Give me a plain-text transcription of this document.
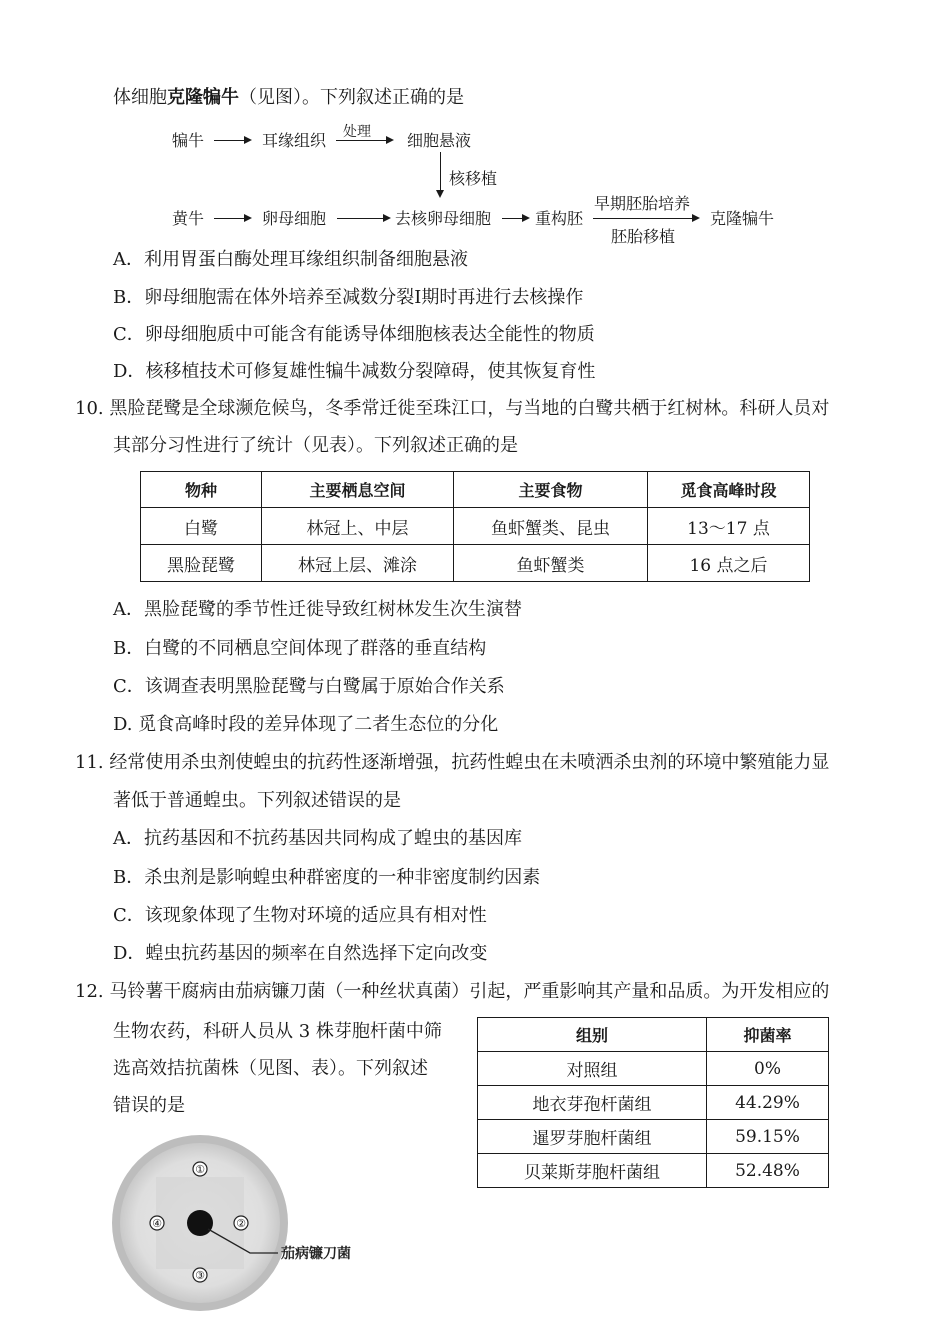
体细胞克隆犏牛（见图）。下列叙述正确的是
犏牛	耳缘组织 处理 细胞悬液
核移植
黄牛	卵母细胞	去核卵母细胞	重构胚
早期胚胎培养
胚胎移植
克隆犏牛
A．利用胃蛋白酶处理耳缘组织制备细胞悬液
B．卵母细胞需在体外培养至减数分裂Ⅰ期时再进行去核操作
C．卵母细胞质中可能含有能诱导体细胞核表达全能性的物质
D．核移植技术可修复雄性犏牛减数分裂障碍，使其恢复育性
10. 黑脸琵鹭是全球濒危候鸟，冬季常迁徙至珠江口，与当地的白鹭共栖于红树林。科研人员对
其部分习性进行了统计（见表）。下列叙述正确的是
物种	主要栖息空间	主要食物	觅食高峰时段
白鹭	林冠上、中层	鱼虾蟹类、昆虫	13～17 点
黑脸琵鹭	林冠上层、滩涂	鱼虾蟹类	16 点之后
A．黑脸琵鹭的季节性迁徙导致红树林发生次生演替
B．白鹭的不同栖息空间体现了群落的垂直结构
C．该调查表明黑脸琵鹭与白鹭属于原始合作关系
D. 觅食高峰时段的差异体现了二者生态位的分化
11. 经常使用杀虫剂使蝗虫的抗药性逐渐增强，抗药性蝗虫在未喷洒杀虫剂的环境中繁殖能力显
著低于普通蝗虫。下列叙述错误的是
A．抗药基因和不抗药基因共同构成了蝗虫的基因库
B．杀虫剂是影响蝗虫种群密度的一种非密度制约因素
C．该现象体现了生物对环境的适应具有相对性
D．蝗虫抗药基因的频率在自然选择下定向改变
12. 马铃薯干腐病由茄病镰刀菌（一种丝状真菌）引起，严重影响其产量和品质。为开发相应的
生物农药，科研人员从 3 株芽胞杆菌中筛
选高效拮抗菌株（见图、表）。下列叙述
错误的是
组别	抑菌率
对照组	0%
地衣芽孢杆菌组	44.29%
暹罗芽胞杆菌组	59.15%
贝莱斯芽胞杆菌组	52.48%
①
②
③
④
茄病镰刀菌
